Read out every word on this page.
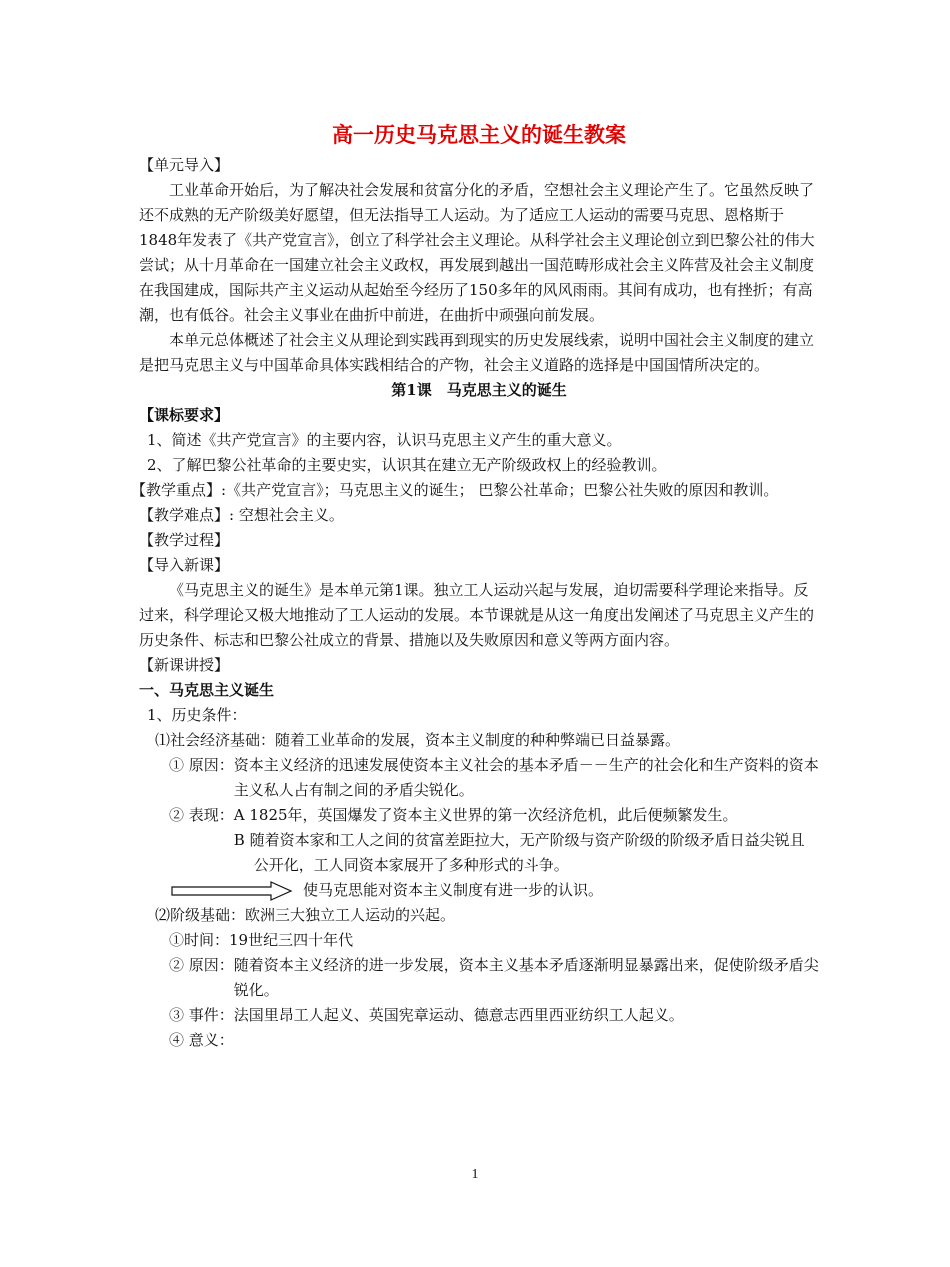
高一历史马克思主义的诞生教案

【单元导入】

工业革命开始后，为了解决社会发展和贫富分化的矛盾，空想社会主义理论产生了。它虽然反映了还不成熟的无产阶级美好愿望，但无法指导工人运动。为了适应工人运动的需要马克思、恩格斯于1848年发表了《共产党宣言》，创立了科学社会主义理论。从科学社会主义理论创立到巴黎公社的伟大尝试；从十月革命在一国建立社会主义政权，再发展到越出一国范畴形成社会主义阵营及社会主义制度在我国建成，国际共产主义运动从起始至今经历了150多年的风风雨雨。其间有成功，也有挫折；有高潮，也有低谷。社会主义事业在曲折中前进，在曲折中顽强向前发展。

本单元总体概述了社会主义从理论到实践再到现实的历史发展线索，说明中国社会主义制度的建立是把马克思主义与中国革命具体实践相结合的产物，社会主义道路的选择是中国国情所决定的。

第1课　马克思主义的诞生

【课标要求】

1、 简述《共产党宣言》的主要内容，认识马克思主义产生的重大意义。
2、 了解巴黎公社革命的主要史实，认识其在建立无产阶级政权上的经验教训。
【教学重点】 :《共产党宣言》；马克思主义的诞生； 巴黎公社革命；巴黎公社失败的原因和教训。
【教学难点】 : 空想社会主义。

【教学过程】

【导入新课】

《马克思主义的诞生》是本单元第1课。独立工人运动兴起与发展，迫切需要科学理论来指导。反过来，科学理论又极大地推动了工人运动的发展。本节课就是从这一角度出发阐述了马克思主义产生的历史条件、标志和巴黎公社成立的背景、措施以及失败原因和意义等两方面内容。

【新课讲授】

一、马克思主义诞生

1、历史条件：

⑴社会经济基础： 随着工业革命的发展，资本主义制度的种种弊端已日益暴露。
① 原因： 资本主义经济的迅速发展使资本主义社会的基本矛盾－－生产的社会化和生产资料的资本主义私人占有制之间的矛盾尖锐化。
② 表现： A 1825年，英国爆发了资本主义世界的第一次经济危机，此后便频繁发生。
B 随着资本家和工人之间的贫富差距拉大，无产阶级与资产阶级的阶级矛盾日益尖锐且公开化，工人同资本家展开了多种形式的斗争。
使马克思能对资本主义制度有进一步的认识。
⑵阶级基础： 欧洲三大独立工人运动的兴起。
①时间： 19世纪三四十年代
② 原因： 随着资本主义经济的进一步发展，资本主义基本矛盾逐渐明显暴露出来，促使阶级矛盾尖锐化。
③ 事件： 法国里昂工人起义、英国宪章运动、德意志西里西亚纺织工人起义。
④ 意义：
1
